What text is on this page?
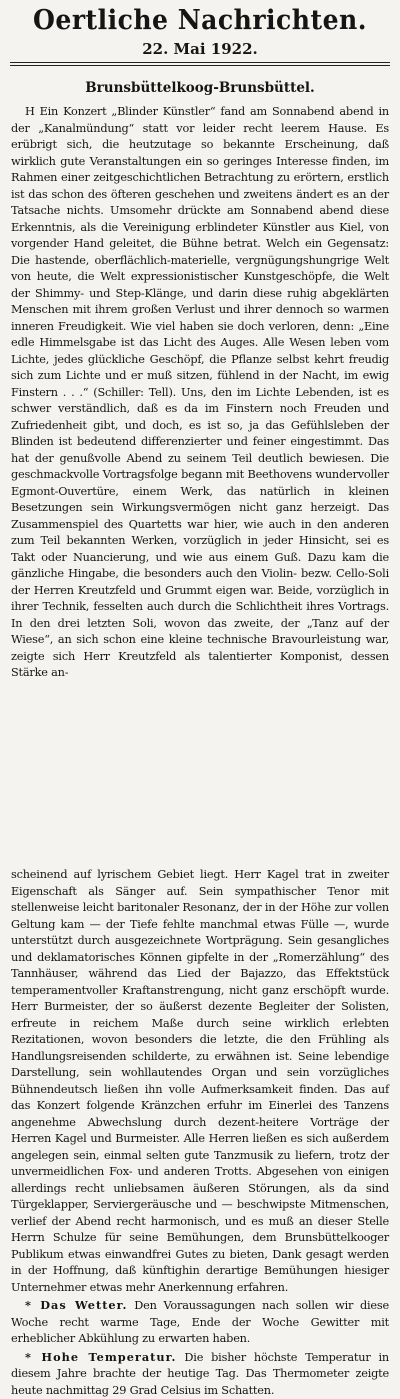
Oertliche Nachrichten.
22. Mai 1922.
Brunsbüttelkoog-Brunsbüttel.

H Ein Konzert „Blinder Künstler“ fand am Sonnabend abend in der „Kanalmündung“ statt vor leider recht leerem Hause. Es erübrigt sich, die heutzutage so bekannte Erscheinung, daß wirklich gute Veranstaltungen ein so geringes Interesse finden, im Rahmen einer zeitgeschichtlichen Betrachtung zu erörtern, erstlich ist das schon des öfteren geschehen und zweitens ändert es an der Tatsache nichts. Umsomehr drückte am Sonnabend abend diese Erkenntnis, als die Vereinigung erblindeter Künstler aus Kiel, von vorgender Hand geleitet, die Bühne betrat. Welch ein Gegensatz: Die hastende, oberflächlich-materielle, vergnügungshungrige Welt von heute, die Welt expressionistischer Kunstgeschöpfe, die Welt der Shimmy- und Step-Klänge, und darin diese ruhig abgeklärten Menschen mit ihrem großen Verlust und ihrer dennoch so warmen inneren Freudigkeit. Wie viel haben sie doch verloren, denn: „Eine edle Himmelsgabe ist das Licht des Auges. Alle Wesen leben vom Lichte, jedes glückliche Geschöpf, die Pflanze selbst kehrt freudig sich zum Lichte und er muß sitzen, fühlend in der Nacht, im ewig Finstern . . .“ (Schiller: Tell). Uns, den im Lichte Lebenden, ist es schwer verständlich, daß es da im Finstern noch Freuden und Zufriedenheit gibt, und doch, es ist so, ja das Gefühlsleben der Blinden ist bedeutend differenzierter und feiner eingestimmt. Das hat der genußvolle Abend zu seinem Teil deutlich bewiesen. Die geschmackvolle Vortragsfolge begann mit Beethovens wundervoller Egmont-Ouvertüre, einem Werk, das natürlich in kleinen Besetzungen sein Wirkungsvermögen nicht ganz herzeigt. Das Zusammenspiel des Quartetts war hier, wie auch in den anderen zum Teil bekannten Werken, vorzüglich in jeder Hinsicht, sei es Takt oder Nuancierung, und wie aus einem Guß. Dazu kam die gänzliche Hingabe, die besonders auch den Violin- bezw. Cello-Soli der Herren Kreutzfeld und Grummt eigen war. Beide, vorzüglich in ihrer Technik, fesselten auch durch die Schlichtheit ihres Vortrags. In den drei letzten Soli, wovon das zweite, der „Tanz auf der Wiese“, an sich schon eine kleine technische Bravourleistung war, zeigte sich Herr Kreutzfeld als talentierter Komponist, dessen Stärke an-

scheinend auf lyrischem Gebiet liegt. Herr Kagel trat in zweiter Eigenschaft als Sänger auf. Sein sympathischer Tenor mit stellenweise leicht baritonaler Resonanz, der in der Höhe zur vollen Geltung kam — der Tiefe fehlte manchmal etwas Fülle —, wurde unterstützt durch ausgezeichnete Wortprägung. Sein gesangliches und deklamatorisches Können gipfelte in der „Romerzählung“ des Tannhäuser, während das Lied der Bajazzo, das Effektstück temperamentvoller Kraftanstrengung, nicht ganz erschöpft wurde. Herr Burmeister, der so äußerst dezente Begleiter der Solisten, erfreute in reichem Maße durch seine wirklich erlebten Rezitationen, wovon besonders die letzte, die den Frühling als Handlungsreisenden schilderte, zu erwähnen ist. Seine lebendige Darstellung, sein wohllautendes Organ und sein vorzügliches Bühnendeutsch ließen ihn volle Aufmerksamkeit finden. Das auf das Konzert folgende Kränzchen erfuhr im Einerlei des Tanzens angenehme Abwechslung durch dezent-heitere Vorträge der Herren Kagel und Burmeister. Alle Herren ließen es sich außerdem angelegen sein, einmal selten gute Tanzmusik zu liefern, trotz der unvermeidlichen Fox- und anderen Trotts. Abgesehen von einigen allerdings recht unliebsamen äußeren Störungen, als da sind Türgeklapper, Serviergeräusche und — beschwipste Mitmenschen, verlief der Abend recht harmonisch, und es muß an dieser Stelle Herrn Schulze für seine Bemühungen, dem Brunsbüttelkooger Publikum etwas einwandfrei Gutes zu bieten, Dank gesagt werden in der Hoffnung, daß künftighin derartige Bemühungen hiesiger Unternehmer etwas mehr Anerkennung erfahren.

* Das Wetter. Den Voraussagungen nach sollen wir diese Woche recht warme Tage, Ende der Woche Gewitter mit erheblicher Abkühlung zu erwarten haben.

* Hohe Temperatur. Die bisher höchste Temperatur in diesem Jahre brachte der heutige Tag. Das Thermometer zeigte heute nachmittag 29 Grad Celsius im Schatten.
